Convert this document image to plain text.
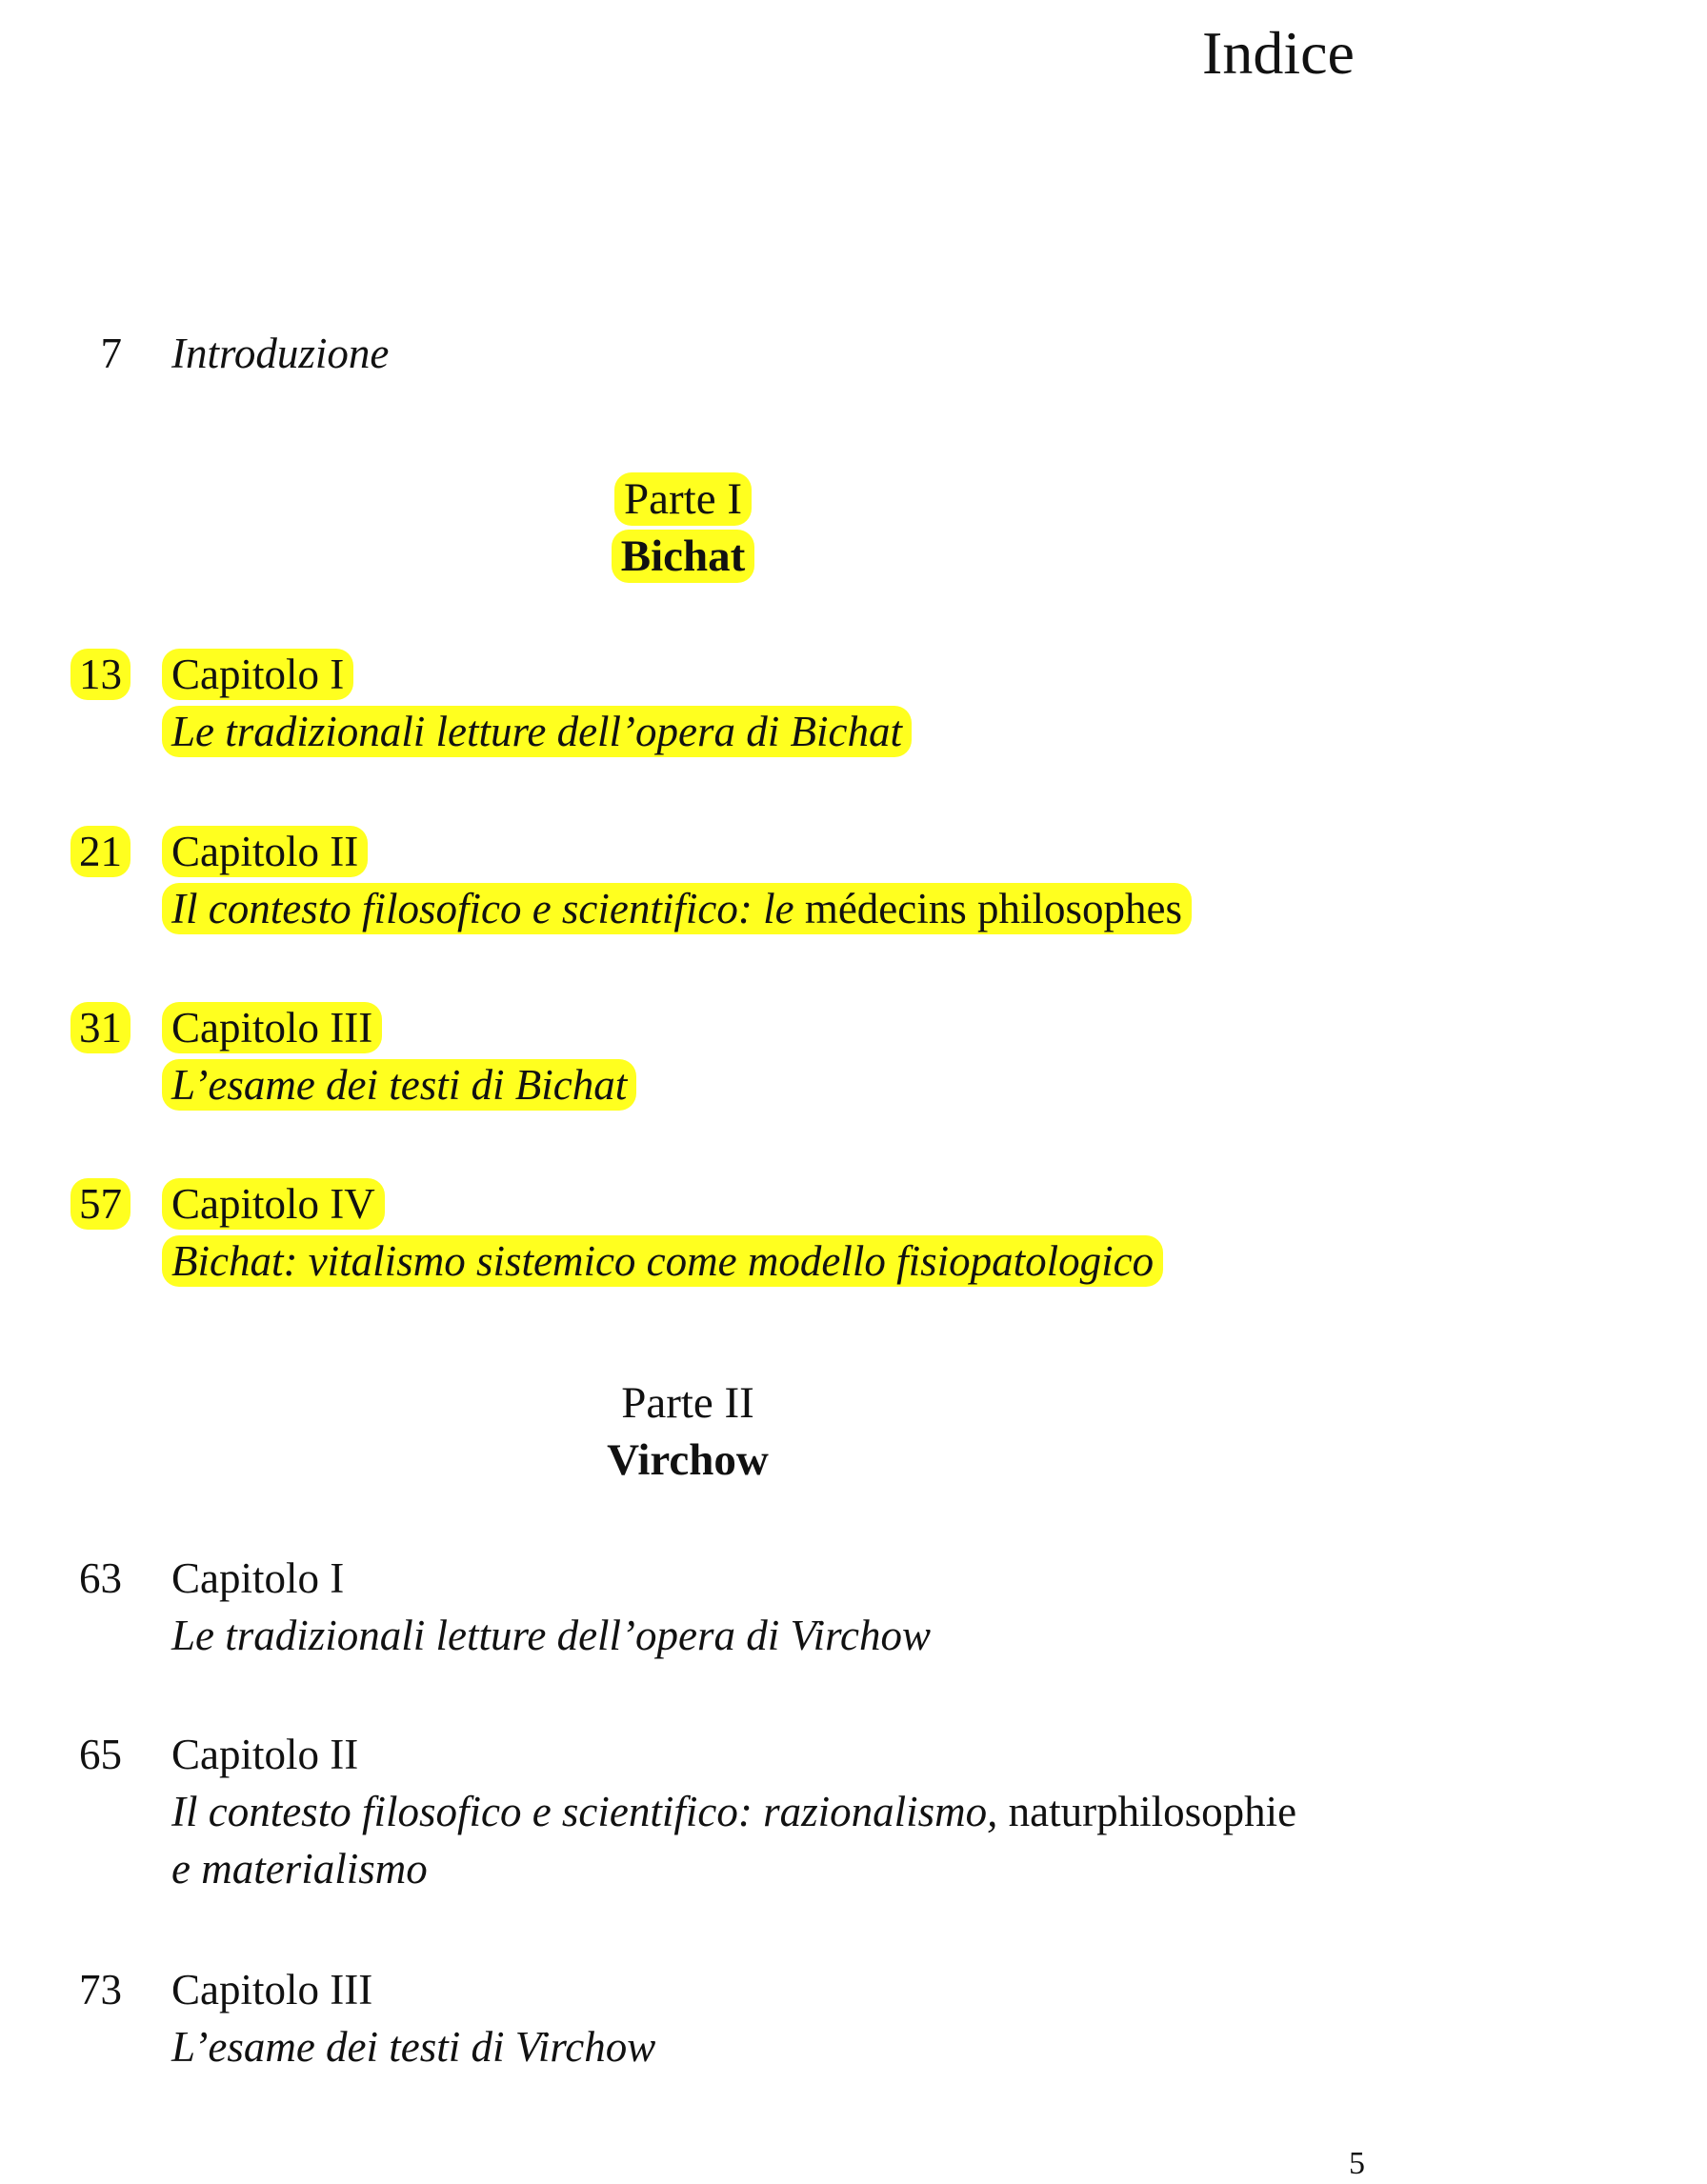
Indice
7 Introduzione
Parte I
Bichat
13 Capitolo I
Le tradizionali letture dell’opera di Bichat
21 Capitolo II
Il contesto filosofico e scientifico: le médecins philosophes
31 Capitolo III
L’esame dei testi di Bichat
57 Capitolo IV
Bichat: vitalismo sistemico come modello fisiopatologico
Parte II
Virchow
63 Capitolo I
Le tradizionali letture dell’opera di Virchow
65 Capitolo II
Il contesto filosofico e scientifico: razionalismo, naturphilosophie
e materialismo
73 Capitolo III
L’esame dei testi di Virchow
5
